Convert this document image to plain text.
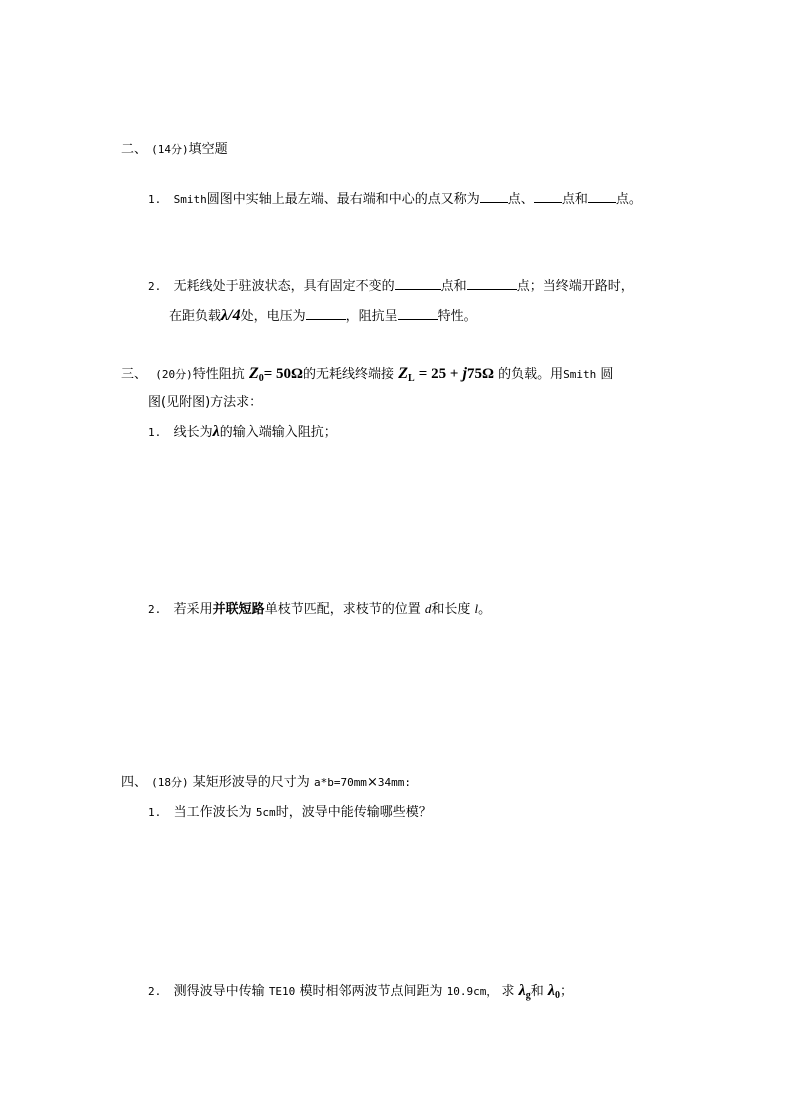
二、 (14分)填空题
1. Smith圆图中实轴上最左端、最右端和中心的点又称为 点、 点和 点。
2. 无耗线处于驻波状态，具有固定不变的	点和	点；当终端开路时，
在距负载λ/4处，电压为	，阻抗呈	特性。
三、 (20分)特性阻抗 $Z_0= 50\Omega$的无耗线终端接 $Z_L = 25 + j75\Omega$ 的负载。用Smith 圆
图(见附图)方法求：
1. 线长为λ的输入端输入阻抗；
2. 若采用并联短路单枝节匹配，求枝节的位置 d和长度 l。
四、 (18分) 某矩形波导的尺寸为 a*b=70mm×34mm:
1. 当工作波长为 5cm时，波导中能传输哪些模？
2. 测得波导中传输 TE10 模时相邻两波节点间距为 10.9cm， 求 $\lambda_g$和 $\lambda_0$；
